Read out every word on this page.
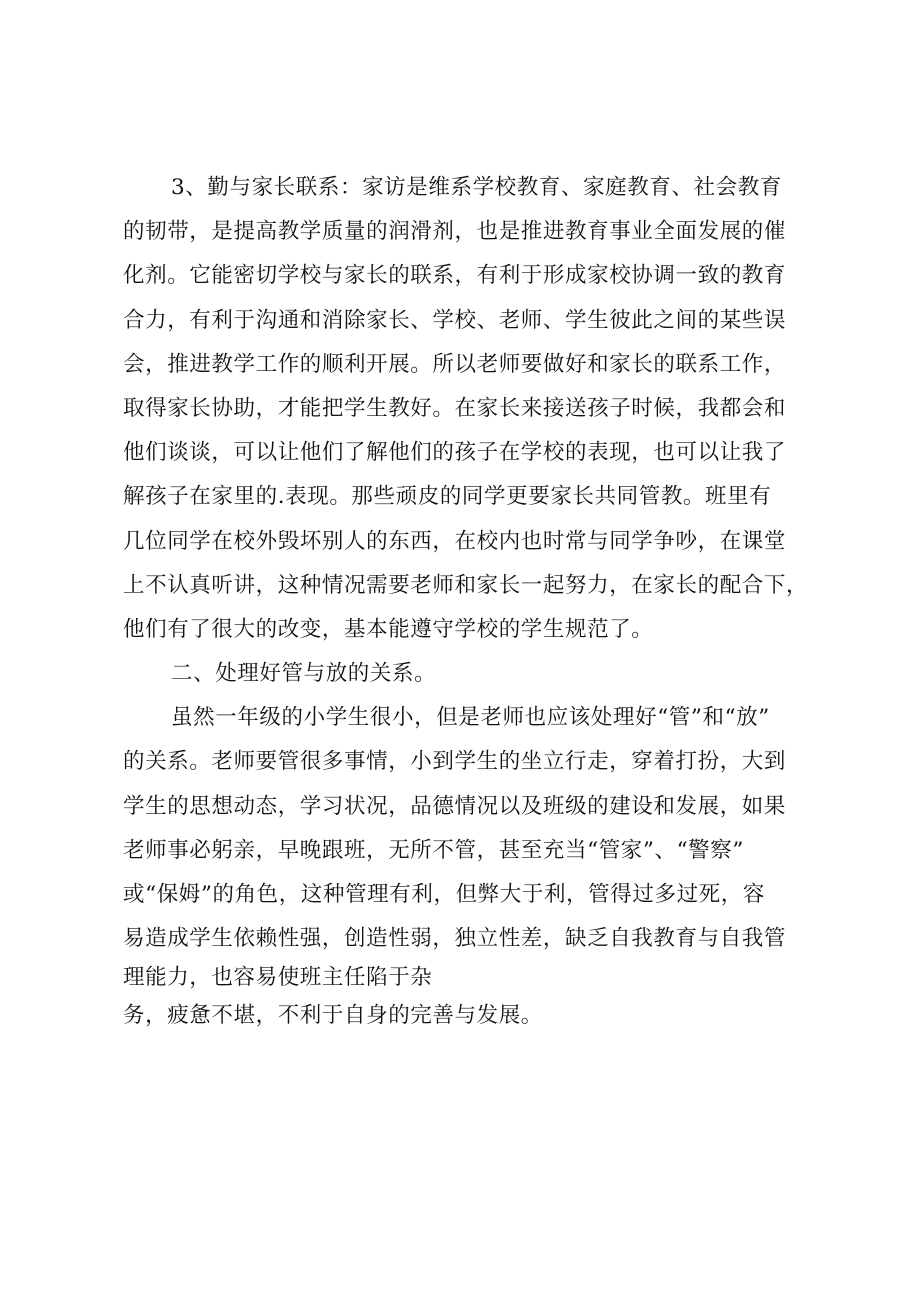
3、勤与家长联系：家访是维系学校教育、家庭教育、社会教育
的韧带，是提高教学质量的润滑剂，也是推进教育事业全面发展的催
化剂。它能密切学校与家长的联系，有利于形成家校协调一致的教育
合力，有利于沟通和消除家长、学校、老师、学生彼此之间的某些误
会，推进教学工作的顺利开展。所以老师要做好和家长的联系工作，
取得家长协助，才能把学生教好。在家长来接送孩子时候，我都会和
他们谈谈，可以让他们了解他们的孩子在学校的表现，也可以让我了
解孩子在家里的.表现。那些顽皮的同学更要家长共同管教。班里有
几位同学在校外毁坏别人的东西，在校内也时常与同学争吵，在课堂
上不认真听讲，这种情况需要老师和家长一起努力，在家长的配合下，
他们有了很大的改变，基本能遵守学校的学生规范了。
二、处理好管与放的关系。
虽然一年级的小学生很小，但是老师也应该处理好“管”和“放”
的关系。老师要管很多事情，小到学生的坐立行走，穿着打扮，大到
学生的思想动态，学习状况，品德情况以及班级的建设和发展，如果
老师事必躬亲，早晚跟班，无所不管，甚至充当“管家”、“警察”
或“保姆”的角色，这种管理有利，但弊大于利，管得过多过死，容
易造成学生依赖性强，创造性弱，独立性差，缺乏自我教育与自我管
理能力，也容易使班主任陷于杂
务，疲惫不堪，不利于自身的完善与发展。
